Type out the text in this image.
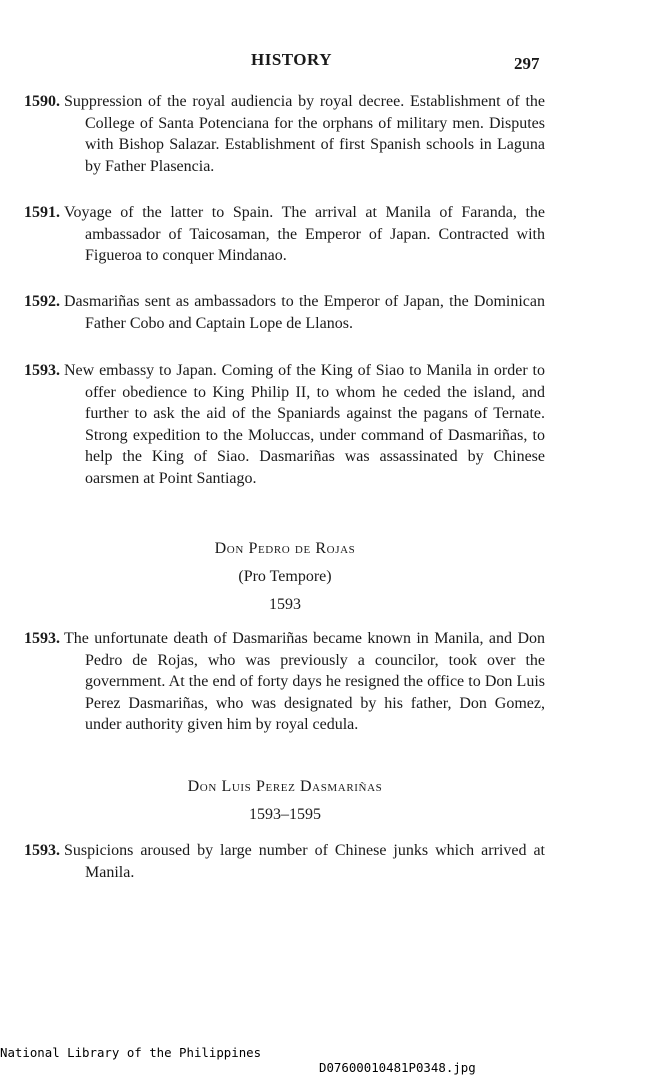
HISTORY	297
1590. Suppression of the royal audiencia by royal decree. Establishment of the College of Santa Potenciana for the orphans of military men. Disputes with Bishop Salazar. Establishment of first Spanish schools in Laguna by Father Plasencia.
1591. Voyage of the latter to Spain. The arrival at Manila of Faranda, the ambassador of Taicosaman, the Emperor of Japan. Contracted with Figueroa to conquer Mindanao.
1592. Dasmariñas sent as ambassadors to the Emperor of Japan, the Dominican Father Cobo and Captain Lope de Llanos.
1593. New embassy to Japan. Coming of the King of Siao to Manila in order to offer obedience to King Philip II, to whom he ceded the island, and further to ask the aid of the Spaniards against the pagans of Ternate. Strong expedition to the Moluccas, under command of Dasmariñas, to help the King of Siao. Dasmariñas was assassinated by Chinese oarsmen at Point Santiago.
Don Pedro de Rojas
(Pro Tempore)
1593
1593. The unfortunate death of Dasmariñas became known in Manila, and Don Pedro de Rojas, who was previously a councilor, took over the government. At the end of forty days he resigned the office to Don Luis Perez Dasmariñas, who was designated by his father, Don Gomez, under authority given him by royal cedula.
Don Luis Perez Dasmariñas
1593–1595
1593. Suspicions aroused by large number of Chinese junks which arrived at Manila.

National Library of the Philippines

D07600010481P0348.jpg
